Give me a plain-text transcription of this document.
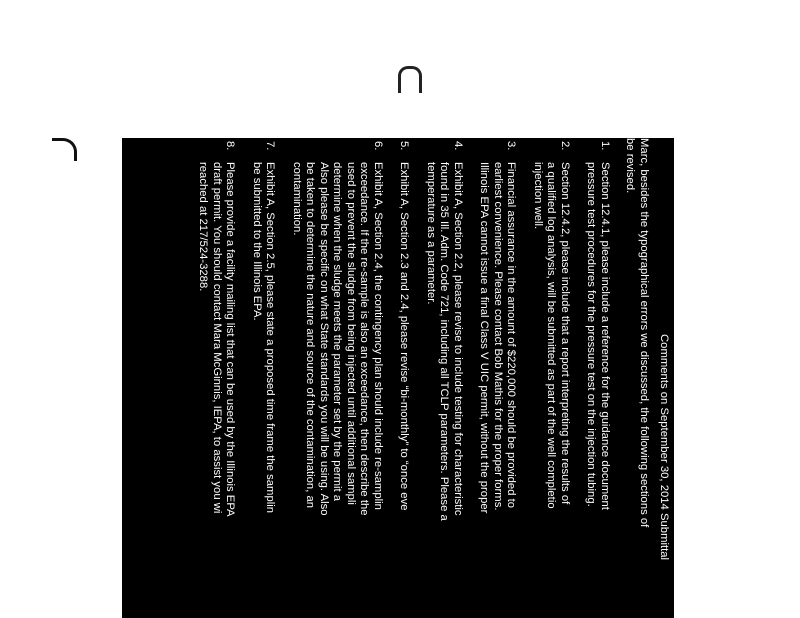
Comments on September 30, 2014 Submittal
Marc, besides the typographical errors we discussed, the following sections of
be revised.
1.
Section 12.4.1, please include a reference for the guidance document
pressure test procedures for the pressure test on the injection tubing.
2.
Section 12.4.2, please include that a report interpreting the results of
a qualified log analysis, will be submitted as part of the well completio
injection well.
3.
Financial assurance in the amount of $220,000 should be provided to
earliest convenience. Please contact Bob Mathis for the proper forms.
Illinois EPA cannot issue a final Class V UIC permit, without the proper
4.
Exhibit A, Section 2.2, please revise to include testing for characteristic
found in 35 Ill. Adm. Code 721, including all TCLP parameters. Please a
temperature as a parameter.
5.
Exhibit A, Section 2.3 and 2.4, please revise “bi-monthly” to “once eve
6.
Exhibit A, Section 2.4, the contingency plan should include re-samplin
exceedance. If the re-sample is also an exceedance, then describe the
used to prevent the sludge from being injected until additional sampli
determine when the sludge meets the parameter set by the permit a
Also please be specific on what State standards you will be using. Also
be taken to determine the nature and source of the contamination, an
contamination.
7.
Exhibit A, Section 2.5, please state a proposed time frame the samplin
be submitted to the Illinois EPA.
8.
Please provide a facility mailing list that can be used by the Illinois EPA
draft permit. You should contact Mara McGinnis, IEPA, to assist you wi
reached at 217/524-3288.
